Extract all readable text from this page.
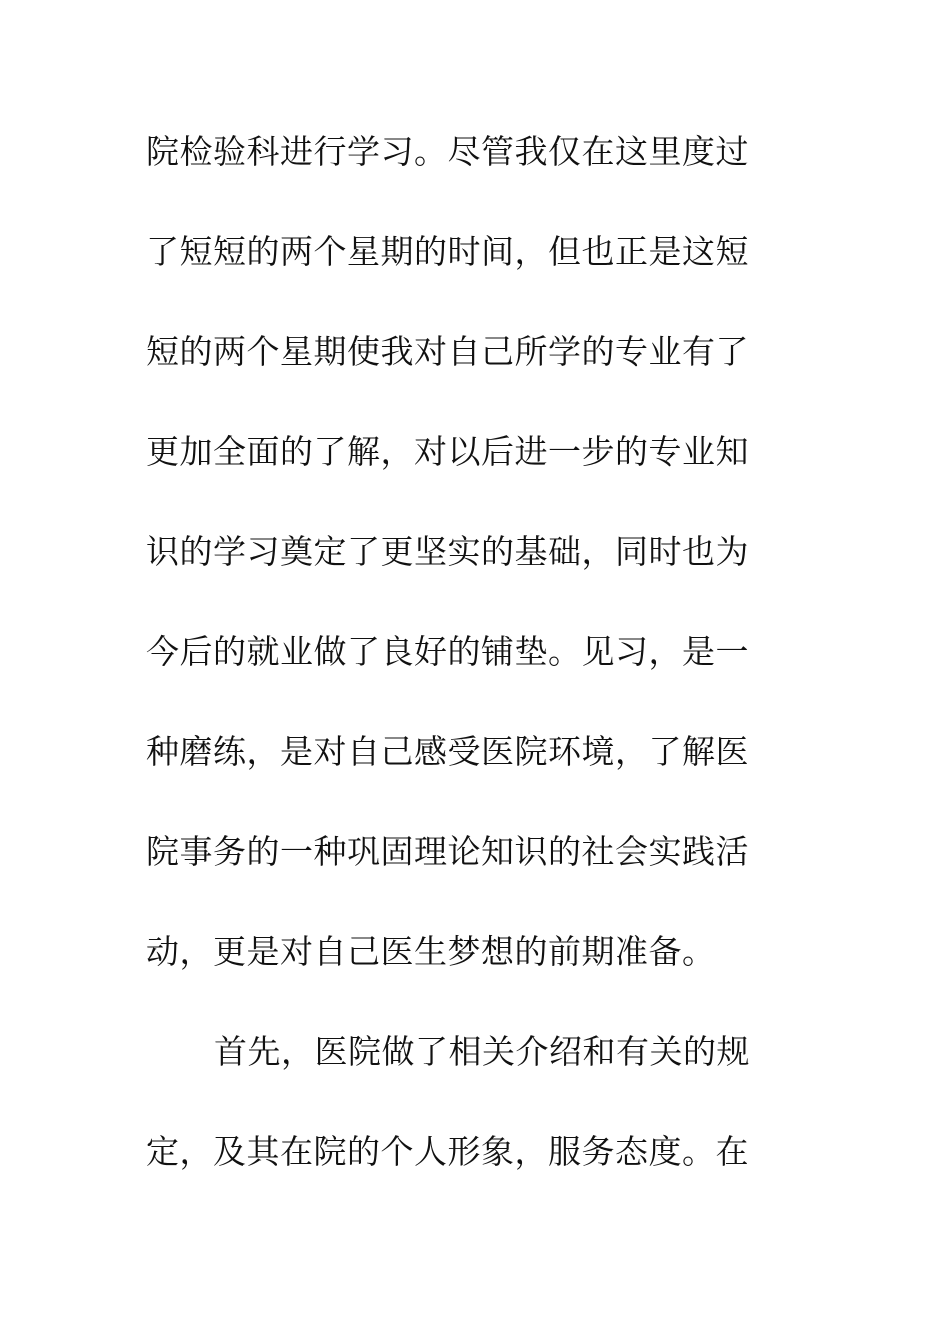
院检验科进行学习。尽管我仅在这里度过
了短短的两个星期的时间，但也正是这短
短的两个星期使我对自己所学的专业有了
更加全面的了解，对以后进一步的专业知
识的学习奠定了更坚实的基础，同时也为
今后的就业做了良好的铺垫。见习，是一
种磨练，是对自己感受医院环境，了解医
院事务的一种巩固理论知识的社会实践活
动，更是对自己医生梦想的前期准备。
首先，医院做了相关介绍和有关的规
定，及其在院的个人形象，服务态度。在
